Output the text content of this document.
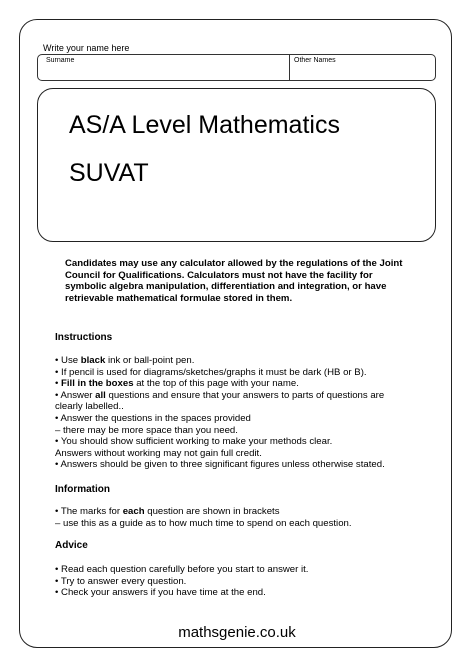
Write your name here
Surname	Other Names
AS/A Level Mathematics
SUVAT
Candidates may use any calculator allowed by the regulations of the Joint Council for Qualifications. Calculators must not have the facility for symbolic algebra manipulation, differentiation and integration, or have retrievable mathematical formulae stored in them.
Instructions
• Use black ink or ball-point pen.
• If pencil is used for diagrams/sketches/graphs it must be dark (HB or B).
• Fill in the boxes at the top of this page with your name.
• Answer all questions and ensure that your answers to parts of questions are
clearly labelled..
• Answer the questions in the spaces provided
– there may be more space than you need.
• You should show sufficient working to make your methods clear.
Answers without working may not gain full credit.
• Answers should be given to three significant figures unless otherwise stated.
Information
• The marks for each question are shown in brackets
– use this as a guide as to how much time to spend on each question.
Advice
• Read each question carefully before you start to answer it.
• Try to answer every question.
• Check your answers if you have time at the end.
mathsgenie.co.uk
